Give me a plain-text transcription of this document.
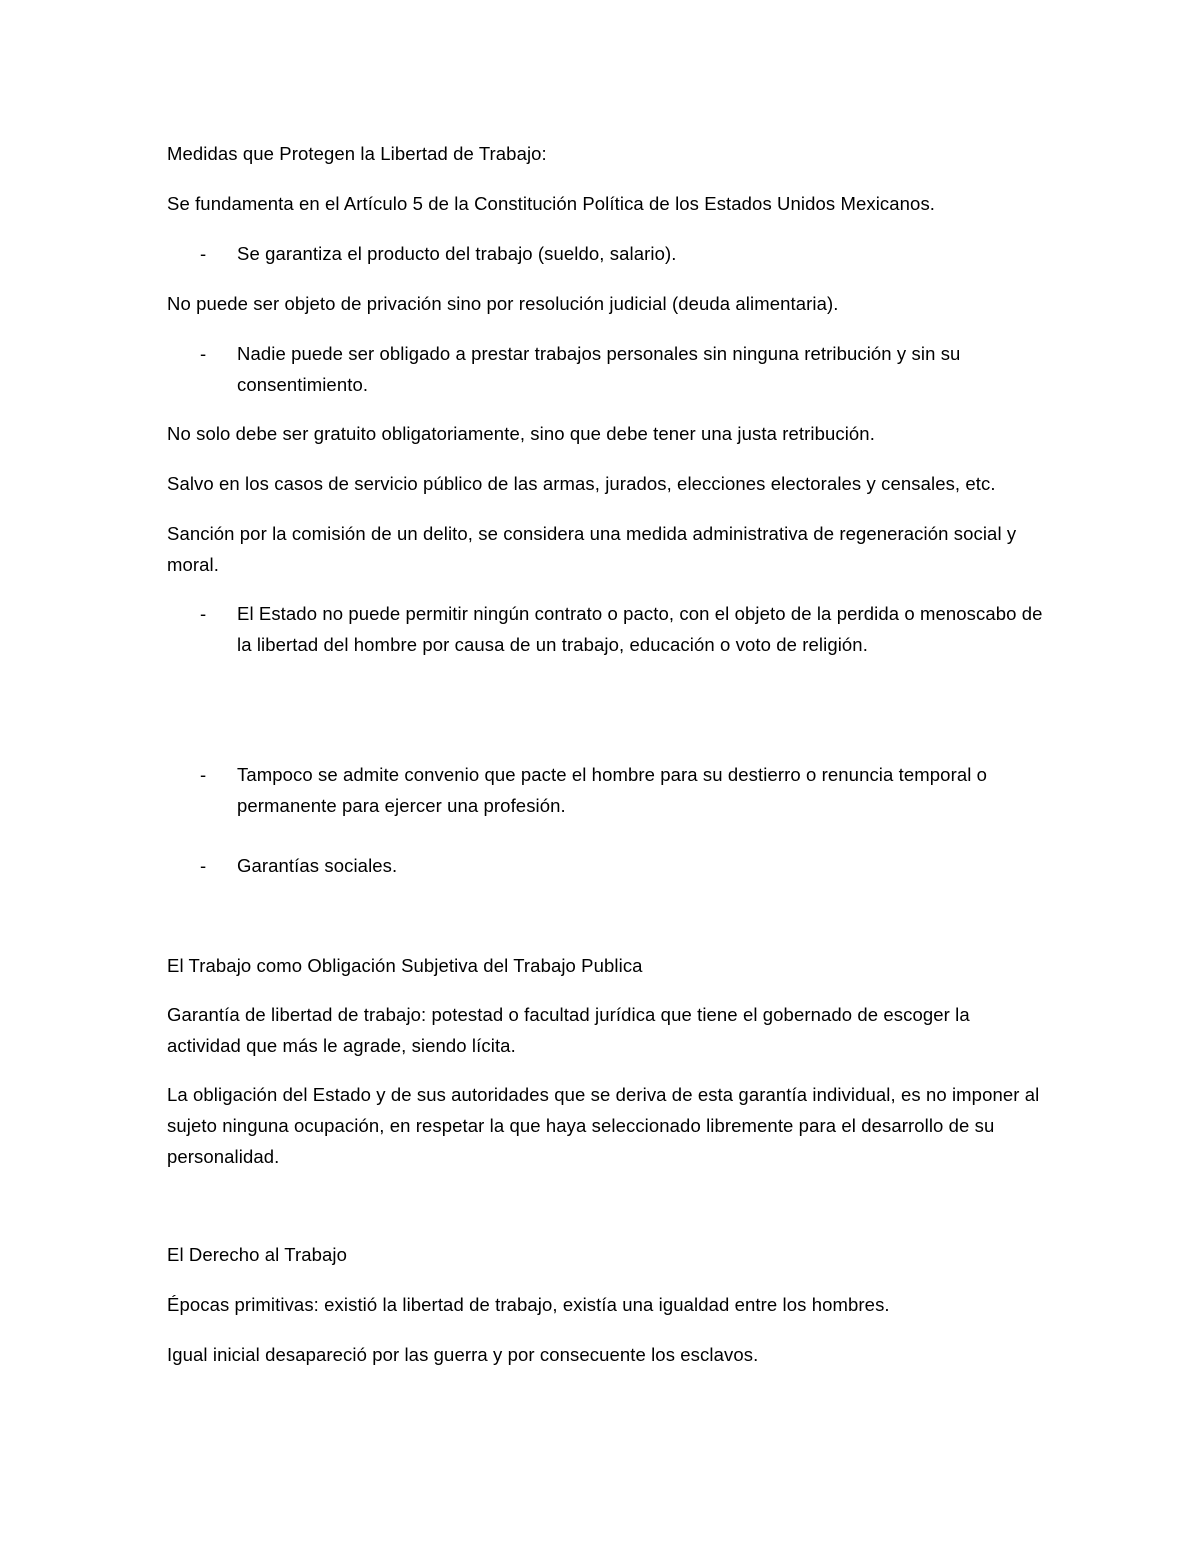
Medidas que Protegen la Libertad de Trabajo:

Se fundamenta en el Artículo 5 de la Constitución Política de los Estados Unidos Mexicanos.

- Se garantiza el producto del trabajo (sueldo, salario).

No puede ser objeto de privación sino por resolución judicial (deuda alimentaria).

- Nadie puede ser obligado a prestar trabajos personales sin ninguna retribución y sin su consentimiento.

No solo debe ser gratuito obligatoriamente, sino que debe tener una justa retribución.

Salvo en los casos de servicio público de las armas, jurados, elecciones electorales y censales, etc.

Sanción por la comisión de un delito, se considera una medida administrativa de regeneración social y moral.

- El Estado no puede permitir ningún contrato o pacto, con el objeto de la perdida o menoscabo de la libertad del hombre por causa de un trabajo, educación o voto de religión.
- Tampoco se admite convenio que pacte el hombre para su destierro o renuncia temporal o permanente para ejercer una profesión.
- Garantías sociales.

El Trabajo como Obligación Subjetiva del Trabajo Publica

Garantía de libertad de trabajo: potestad o facultad jurídica que tiene el gobernado de escoger la actividad que más le agrade, siendo lícita.

La obligación del Estado y de sus autoridades que se deriva de esta garantía individual, es no imponer al sujeto ninguna ocupación, en respetar la que haya seleccionado libremente para el desarrollo de su personalidad.

El Derecho al Trabajo

Épocas primitivas: existió la libertad de trabajo, existía una igualdad entre los hombres.

Igual inicial desapareció por las guerra y por consecuente los esclavos.
